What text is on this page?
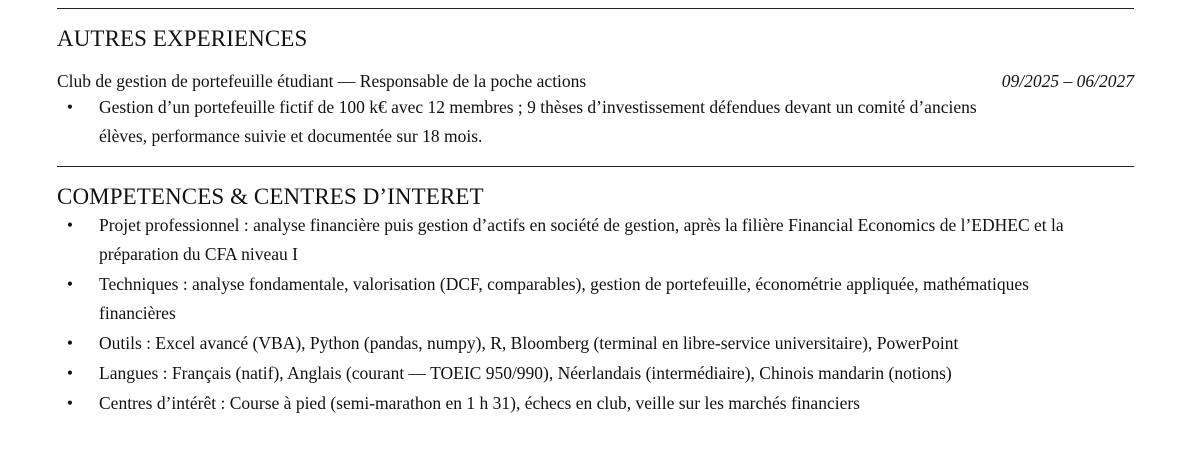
AUTRES EXPERIENCES
Club de gestion de portefeuille étudiant — Responsable de la poche actions	09/2025 – 06/2027
• Gestion d’un portefeuille fictif de 100 k€ avec 12 membres ; 9 thèses d’investissement défendues devant un comité d’anciens élèves, performance suivie et documentée sur 18 mois.
COMPETENCES & CENTRES D’INTERET
• Projet professionnel : analyse financière puis gestion d’actifs en société de gestion, après la filière Financial Economics de l’EDHEC et la préparation du CFA niveau I
• Techniques : analyse fondamentale, valorisation (DCF, comparables), gestion de portefeuille, économétrie appliquée, mathématiques financières
• Outils : Excel avancé (VBA), Python (pandas, numpy), R, Bloomberg (terminal en libre-service universitaire), PowerPoint
• Langues : Français (natif), Anglais (courant — TOEIC 950/990), Néerlandais (intermédiaire), Chinois mandarin (notions)
• Centres d’intérêt : Course à pied (semi-marathon en 1 h 31), échecs en club, veille sur les marchés financiers
